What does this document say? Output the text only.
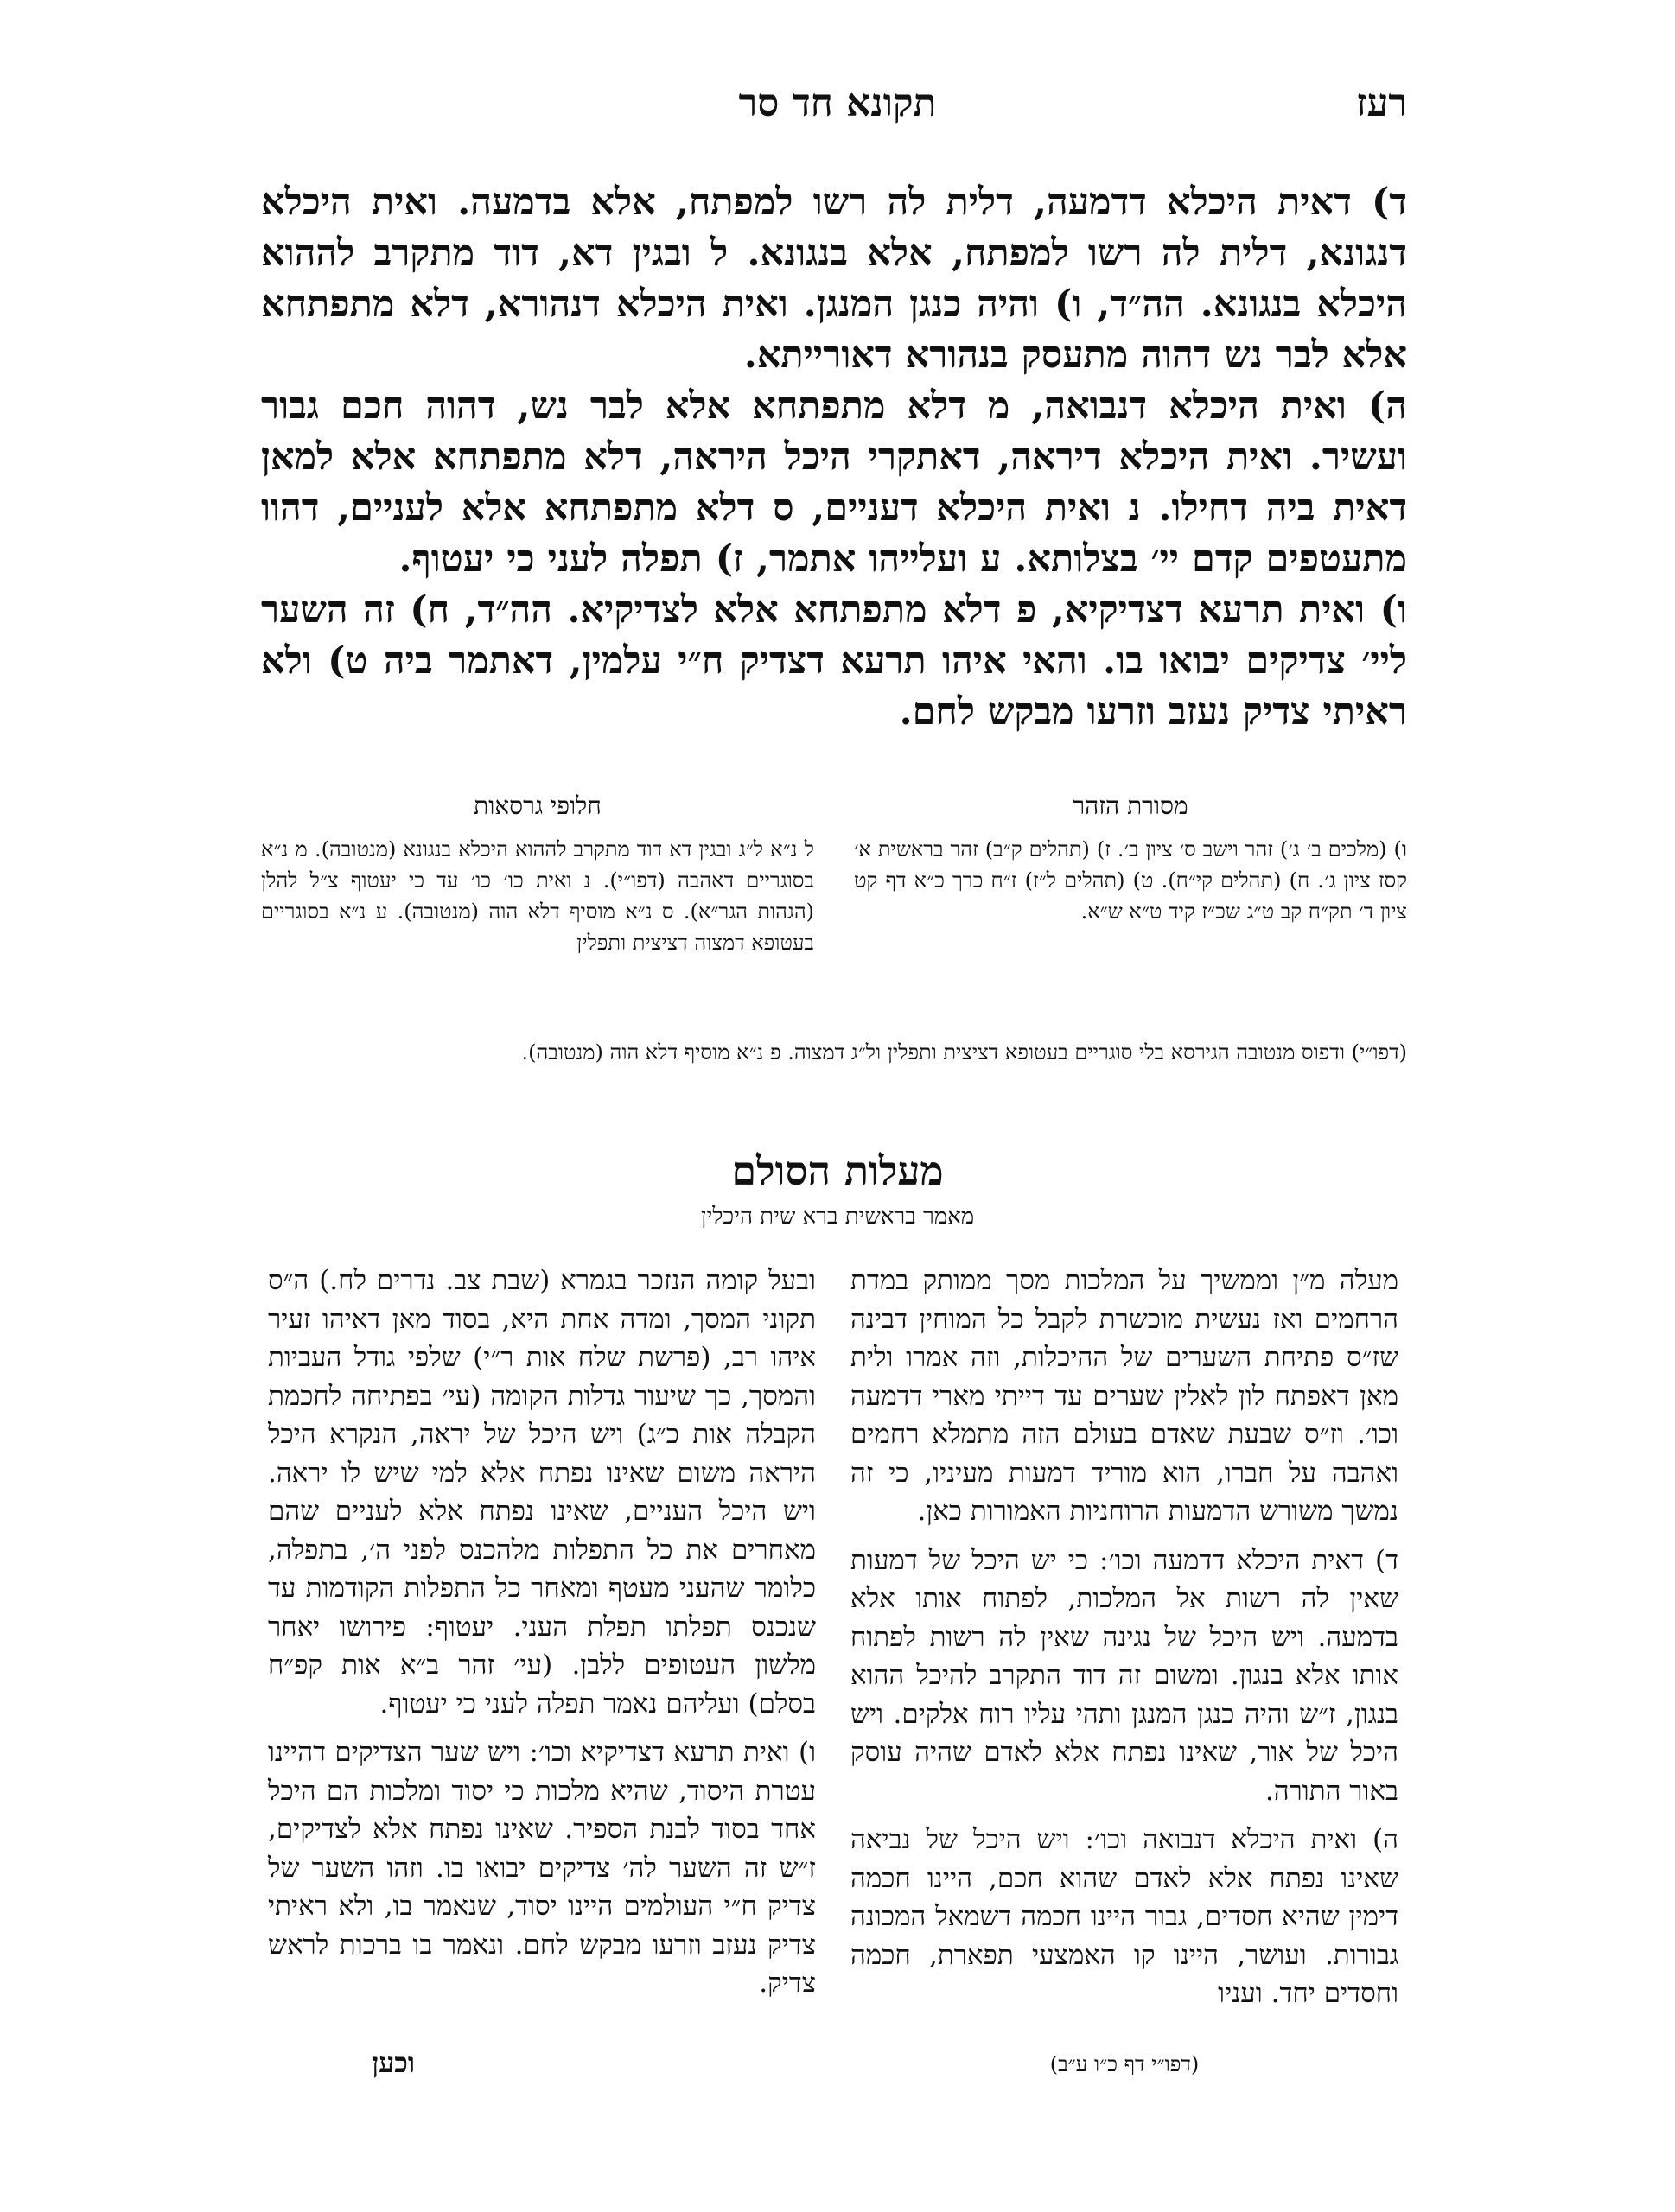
תקונא חד סר	רעז

ד) דאית היכלא דדמעה, דלית לה רשו למפתח, אלא בדמעה. ואית היכלא דנגונא, דלית לה רשו למפתח, אלא בנגונא. ל ובגין דא, דוד מתקרב לההוא היכלא בנגונא. הה״ד, ו) והיה כנגן המנגן. ואית היכלא דנהורא, דלא מתפתחא אלא לבר נש דהוה מתעסק בנהורא דאורייתא.

ה) ואית היכלא דנבואה, מ דלא מתפתחא אלא לבר נש, דהוה חכם גבור ועשיר. ואית היכלא דיראה, דאתקרי היכל היראה, דלא מתפתחא אלא למאן דאית ביה דחילו. נ ואית היכלא דעניים, ס דלא מתפתחא אלא לעניים, דהוו מתעטפים קדם יי׳ בצלותא. ע ועלייהו אתמר, ז) תפלה לעני כי יעטוף.

ו) ואית תרעא דצדיקיא, פ דלא מתפתחא אלא לצדיקיא. הה״ד, ח) זה השער ליי׳ צדיקים יבואו בו. והאי איהו תרעא דצדיק ח״י עלמין, דאתמר ביה ט) ולא ראיתי צדיק נעזב וזרעו מבקש לחם.

מסורת הזהר
ו) (מלכים ב׳ ג׳) זהר וישב ס׳ ציון ב׳. ז) (תהלים ק״ב) זהר בראשית א׳ קסז ציון ג׳. ח) (תהלים קי״ח). ט) (תהלים ל״ז) ז״ח כרך כ״א דף קט ציון ד׳ תק״ח קב ט״ג שכ״ז קיד ט״א ש״א.
חלופי גרסאות
ל נ״א ל״ג ובגין דא דוד מתקרב לההוא היכלא בנגונא (מנטובה). מ נ״א בסוגריים דאהבה (דפו״י). נ ואית כו׳ כו׳ עד כי יעטוף צ״ל להלן (הגהות הגר״א). ס נ״א מוסיף דלא הוה (מנטובה). ע נ״א בסוגריים בעטופא דמצוה דציצית ותפלין
(דפו״י) ודפוס מנטובה הגירסא בלי סוגריים בעטופא דציצית ותפלין ול״ג דמצוה. פ נ״א מוסיף דלא הוה (מנטובה).
מעלות הסולם
מאמר בראשית ברא שית היכלין

מעלה מ״ן וממשיך על המלכות מסך ממותק במדת הרחמים ואז נעשית מוכשרת לקבל כל המוחין דבינה שז״ס פתיחת השערים של ההיכלות, וזה אמרו ולית מאן דאפתח לון לאלין שערים עד דייתי מארי דדמעה וכו׳. וז״ס שבעת שאדם בעולם הזה מתמלא רחמים ואהבה על חברו, הוא מוריד דמעות מעיניו, כי זה נמשך משורש הדמעות הרוחניות האמורות כאן.

ד) דאית היכלא דדמעה וכו׳: כי יש היכל של דמעות שאין לה רשות אל המלכות, לפתוח אותו אלא בדמעה. ויש היכל של נגינה שאין לה רשות לפתוח אותו אלא בנגון. ומשום זה דוד התקרב להיכל ההוא בנגון, ז״ש והיה כנגן המנגן ותהי עליו רוח אלקים. ויש היכל של אור, שאינו נפתח אלא לאדם שהיה עוסק באור התורה.

ה) ואית היכלא דנבואה וכו׳: ויש היכל של נביאה שאינו נפתח אלא לאדם שהוא חכם, היינו חכמה דימין שהיא חסדים, גבור היינו חכמה דשמאל המכונה גבורות. ועושר, היינו קו האמצעי תפארת, חכמה וחסדים יחד. ועניו

(דפו״י דף כ״ו ע״ב)

ובעל קומה הנזכר בגמרא (שבת צב. נדרים לח.) ה״ס תקוני המסך, ומדה אחת היא, בסוד מאן דאיהו זעיר איהו רב, (פרשת שלח אות ר״י) שלפי גודל העביות והמסך, כך שיעור גדלות הקומה (עי׳ בפתיחה לחכמת הקבלה אות כ״ג) ויש היכל של יראה, הנקרא היכל היראה משום שאינו נפתח אלא למי שיש לו יראה. ויש היכל העניים, שאינו נפתח אלא לעניים שהם מאחרים את כל התפלות מלהכנס לפני ה׳, בתפלה, כלומר שהעני מעטף ומאחר כל התפלות הקודמות עד שנכנס תפלתו תפלת העני. יעטוף: פירושו יאחר מלשון העטופים ללבן. (עי׳ זהר ב״א אות קפ״ח בסלם) ועליהם נאמר תפלה לעני כי יעטוף.

ו) ואית תרעא דצדיקיא וכו׳: ויש שער הצדיקים דהיינו עטרת היסוד, שהיא מלכות כי יסוד ומלכות הם היכל אחד בסוד לבנת הספיר. שאינו נפתח אלא לצדיקים, ז״ש זה השער לה׳ צדיקים יבואו בו. וזהו השער של צדיק ח״י העולמים היינו יסוד, שנאמר בו, ולא ראיתי צדיק נעזב וזרעו מבקש לחם. ונאמר בו ברכות לראש צדיק.

וכען
